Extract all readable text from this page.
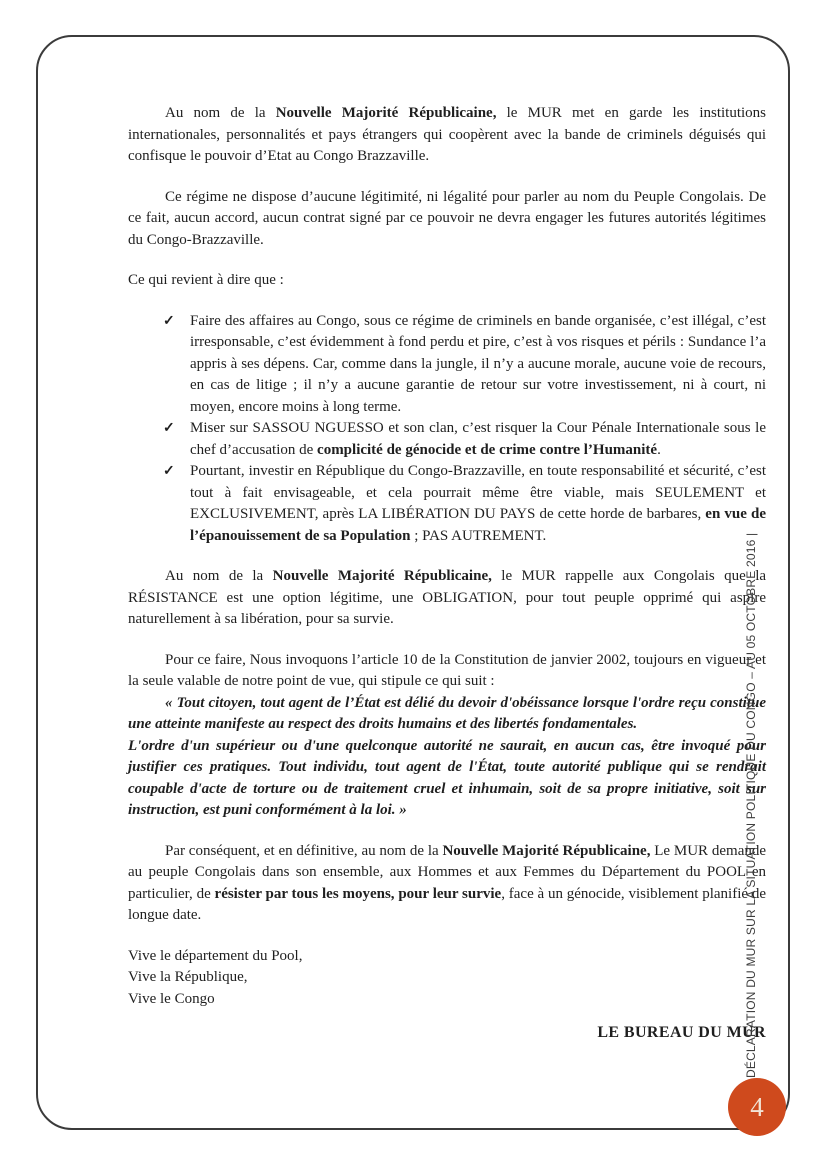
Au nom de la Nouvelle Majorité Républicaine, le MUR met en garde les institutions internationales, personnalités et pays étrangers qui coopèrent avec la bande de criminels déguisés qui confisque le pouvoir d’Etat au Congo Brazzaville.

Ce régime ne dispose d’aucune légitimité, ni légalité pour parler au nom du Peuple Congolais. De ce fait, aucun accord, aucun contrat signé par ce pouvoir ne devra engager les futures autorités légitimes du Congo-Brazzaville.

Ce qui revient à dire que :

✓ Faire des affaires au Congo, sous ce régime de criminels en bande organisée, c’est illégal, c’est irresponsable, c’est évidemment à fond perdu et pire, c’est à vos risques et périls : Sundance l’a appris à ses dépens. Car, comme dans la jungle, il n’y a aucune morale, aucune voie de recours, en cas de litige ; il n’y a aucune garantie de retour sur votre investissement, ni à court, ni moyen, encore moins à long terme.
✓ Miser sur SASSOU NGUESSO et son clan, c’est risquer la Cour Pénale Internationale sous le chef d’accusation de complicité de génocide et de crime contre l’Humanité.
✓ Pourtant, investir en République du Congo-Brazzaville, en toute responsabilité et sécurité, c’est tout à fait envisageable, et cela pourrait même être viable, mais SEULEMENT et EXCLUSIVEMENT, après LA LIBÉRATION DU PAYS de cette horde de barbares, en vue de l’épanouissement de sa Population ; PAS AUTREMENT.

Au nom de la Nouvelle Majorité Républicaine, le MUR rappelle aux Congolais que la RÉSISTANCE est une option légitime, une OBLIGATION, pour tout peuple opprimé qui aspire naturellement à sa libération, pour sa survie.

Pour ce faire, Nous invoquons l’article 10 de la Constitution de janvier 2002, toujours en vigueur et la seule valable de notre point de vue, qui stipule ce qui suit :

« Tout citoyen, tout agent de l’État est délié du devoir d'obéissance lorsque l'ordre reçu constitue une atteinte manifeste au respect des droits humains et des libertés fondamentales.

L'ordre d'un supérieur ou d'une quelconque autorité ne saurait, en aucun cas, être invoqué pour justifier ces pratiques. Tout individu, tout agent de l'État, toute autorité publique qui se rendrait coupable d'acte de torture ou de traitement cruel et inhumain, soit de sa propre initiative, soit sur instruction, est puni conformément à la loi. »

Par conséquent, et en définitive, au nom de la Nouvelle Majorité Républicaine, Le MUR demande au peuple Congolais dans son ensemble, aux Hommes et aux Femmes du Département du POOL en particulier, de résister par tous les moyens, pour leur survie, face à un génocide, visiblement planifié de longue date.

Vive le département du Pool,

Vive la République,

Vive le Congo

LE BUREAU DU MUR

DÉCLARATION DU MUR SUR LA SITUATION POLITIQUE DU CONGO – AU 05 OCTOBRE 2016 |
4
